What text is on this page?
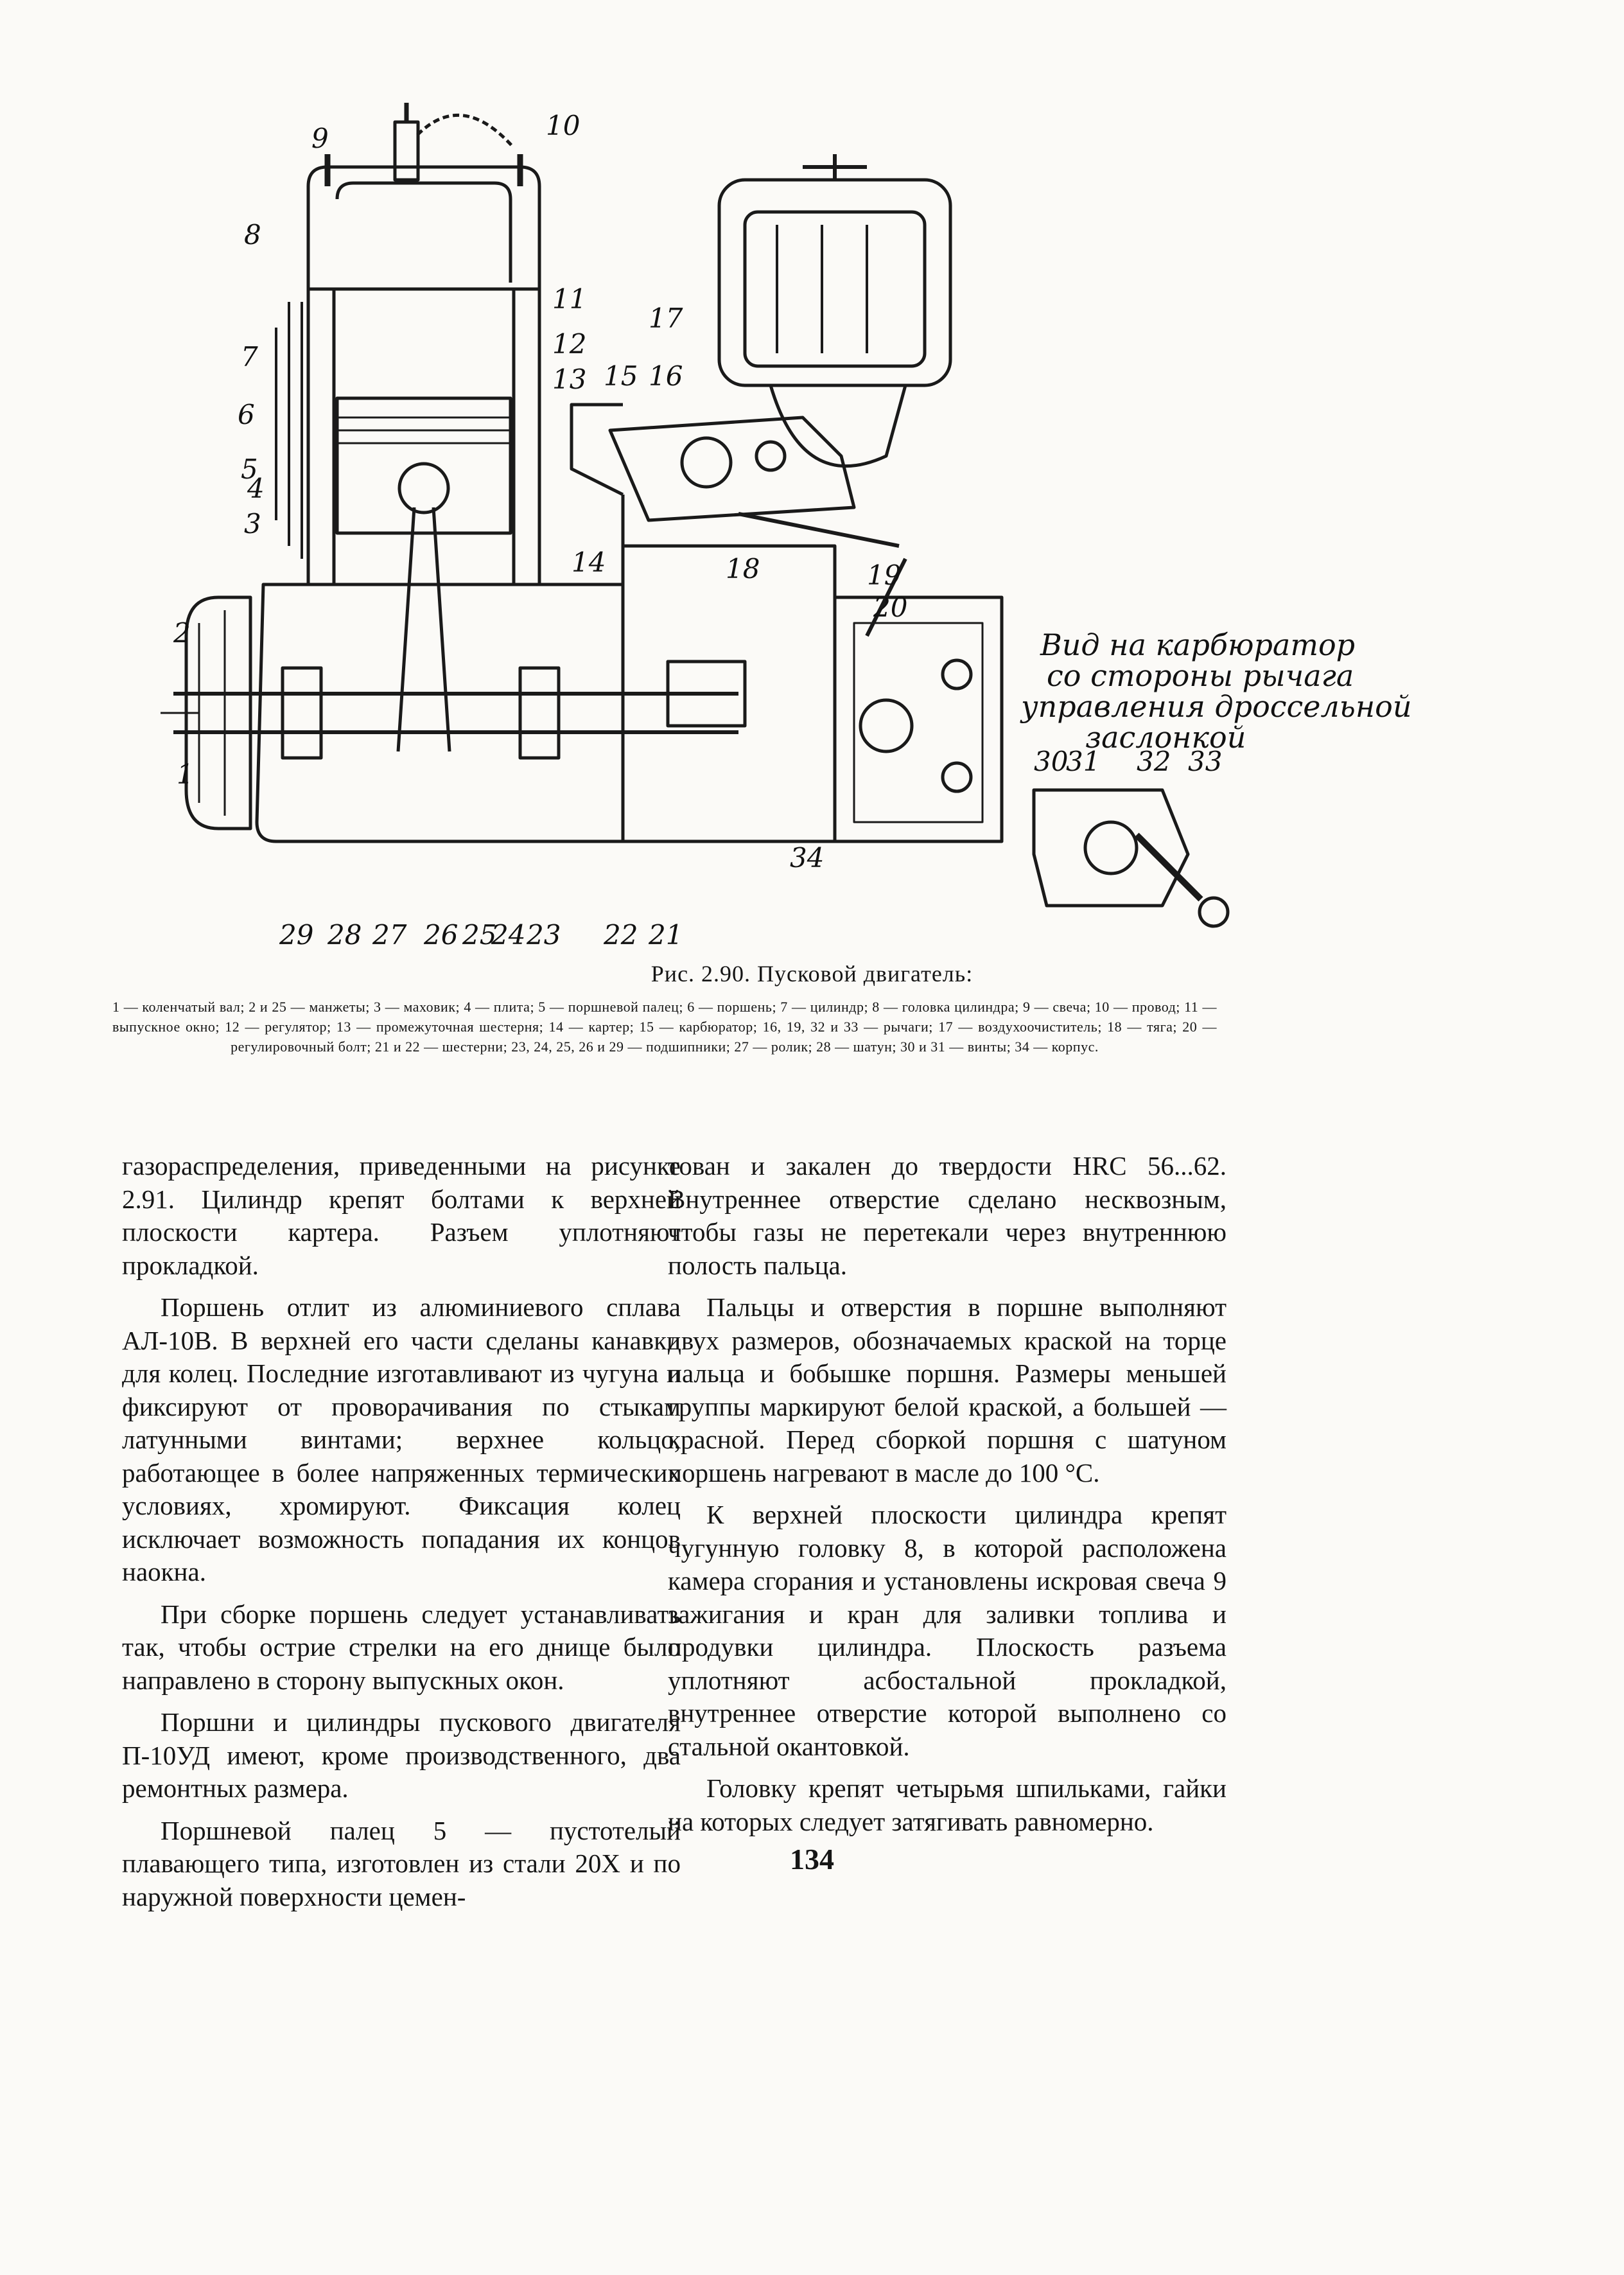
1
2
3
4
5
6
7
8
9	10
11
12
13
14
15 16
17
18	19
20
21
22
23
24
25
26
27
28
29
30
31 32 33
34
Вид на карбюратор
со стороны рычага
управления дроссельной
заслонкой
Рис. 2.90. Пусковой двигатель:
1 — коленчатый вал; 2 и 25 — манжеты; 3 — маховик; 4 — плита; 5 — поршневой палец; 6 — поршень; 7 — цилиндр; 8 — головка цилиндра; 9 — свеча; 10 — провод; 11 — выпускное окно; 12 — регулятор; 13 — промежуточная шестерня; 14 — картер; 15 — карбюратор; 16, 19, 32 и 33 — рычаги; 17 — воздухоочиститель; 18 — тяга; 20 — регулировочный болт; 21 и 22 — шестерни; 23, 24, 25, 26 и 29 — подшипники; 27 — ролик; 28 — шатун; 30 и 31 — винты; 34 — корпус.

газораспределения, приведенными на рисунке 2.91. Цилиндр крепят болтами к верхней плоскости картера. Разъем уплотняют прокладкой.

Поршень отлит из алюминиевого сплава АЛ-10В. В верхней его части сделаны канавки для колец. Последние изготавливают из чугуна и фиксируют от проворачивания по стыкам латунными винтами; верхнее кольцо, работающее в более напряженных термических условиях, хромируют. Фиксация колец исключает возможность попадания их концов наокна.

При сборке поршень следует устанавливать так, чтобы острие стрелки на его днище было направлено в сторону выпускных окон.

Поршни и цилиндры пускового двигателя П-10УД имеют, кроме производственного, два ремонтных размера.

Поршневой палец 5 — пустотелый плавающего типа, изготовлен из стали 20Х и по наружной поверхности цемен-

тован и закален до твердости HRC 56...62. Внутреннее отверстие сделано несквозным, чтобы газы не перетекали через внутреннюю полость пальца.

Пальцы и отверстия в поршне выполняют двух размеров, обозначаемых краской на торце пальца и бобышке поршня. Размеры меньшей группы маркируют белой краской, а большей — красной. Перед сборкой поршня с шатуном поршень нагревают в масле до 100 °С.

К верхней плоскости цилиндра крепят чугунную головку 8, в которой расположена камера сгорания и установлены искровая свеча 9 зажигания и кран для заливки топлива и продувки цилиндра. Плоскость разъема уплотняют асбостальной прокладкой, внутреннее отверстие которой выполнено со стальной окантовкой.

Головку крепят четырьмя шпильками, гайки на которых следует затягивать равномерно.

134
